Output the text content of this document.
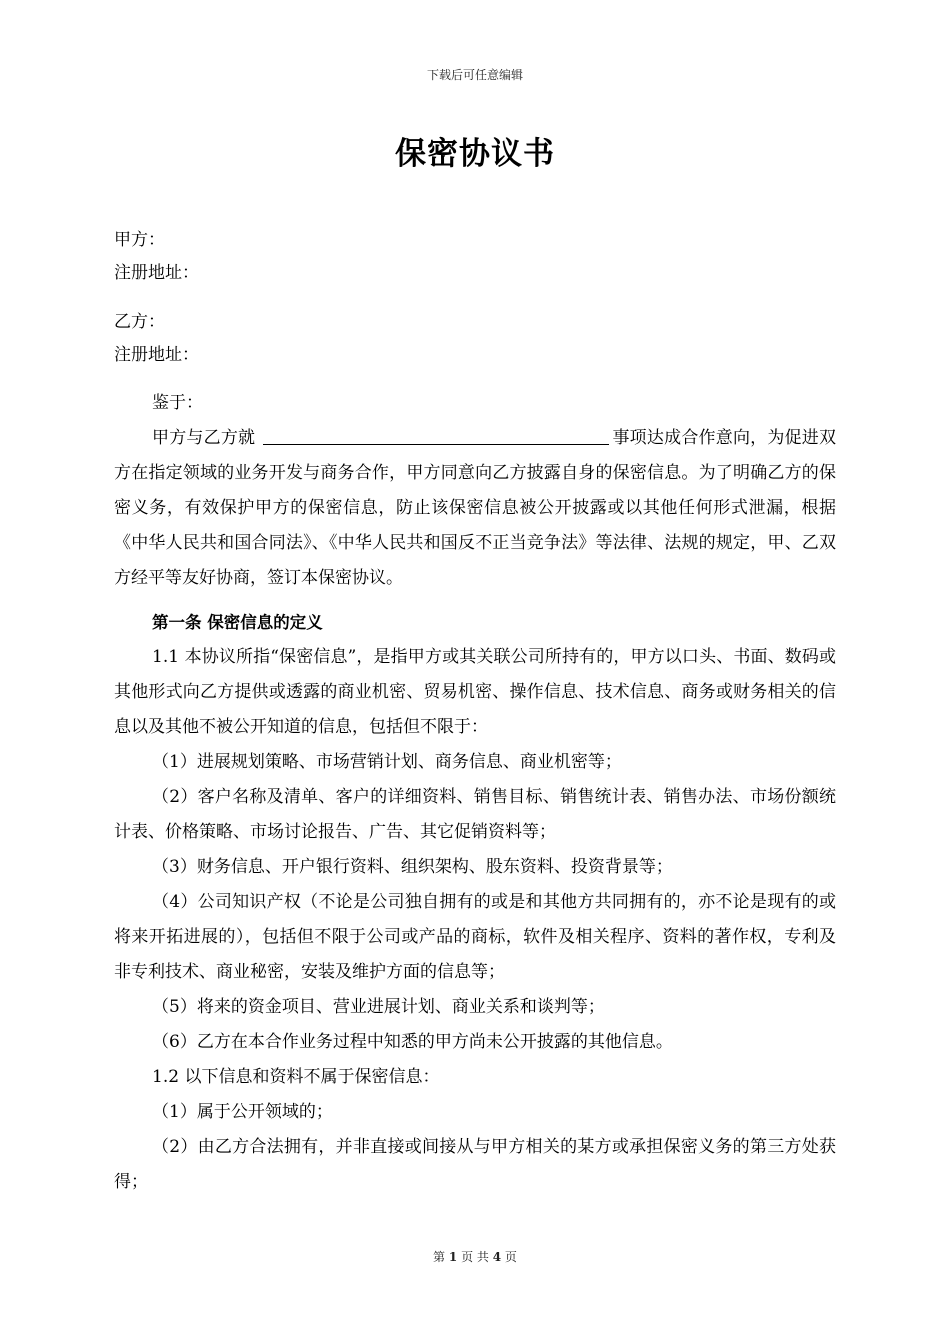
下载后可任意编辑
保密协议书
甲方：
注册地址：
乙方：
注册地址：
鉴于：
甲方与乙方就	事项达成合作意向，为促进双方在指定领域的业务开发与商务合作，甲方同意向乙方披露自身的保密信息。为了明确乙方的保密义务，有效保护甲方的保密信息，防止该保密信息被公开披露或以其他任何形式泄漏，根据《中华人民共和国合同法》、《中华人民共和国反不正当竞争法》等法律、法规的规定，甲、乙双方经平等友好协商，签订本保密协议。
第一条 保密信息的定义
1.1 本协议所指“保密信息”，是指甲方或其关联公司所持有的，甲方以口头、书面、数码或其他形式向乙方提供或透露的商业机密、贸易机密、操作信息、技术信息、商务或财务相关的信息以及其他不被公开知道的信息，包括但不限于：
（1）进展规划策略、市场营销计划、商务信息、商业机密等；
（2）客户名称及清单、客户的详细资料、销售目标、销售统计表、销售办法、市场份额统计表、价格策略、市场讨论报告、广告、其它促销资料等；
（3）财务信息、开户银行资料、组织架构、股东资料、投资背景等；
（4）公司知识产权（不论是公司独自拥有的或是和其他方共同拥有的，亦不论是现有的或将来开拓进展的），包括但不限于公司或产品的商标，软件及相关程序、资料的著作权，专利及非专利技术、商业秘密，安装及维护方面的信息等；
（5）将来的资金项目、营业进展计划、商业关系和谈判等；
（6）乙方在本合作业务过程中知悉的甲方尚未公开披露的其他信息。
1.2 以下信息和资料不属于保密信息：
（1）属于公开领域的；
（2）由乙方合法拥有，并非直接或间接从与甲方相关的某方或承担保密义务的第三方处获得；
第 1 页 共 4 页
